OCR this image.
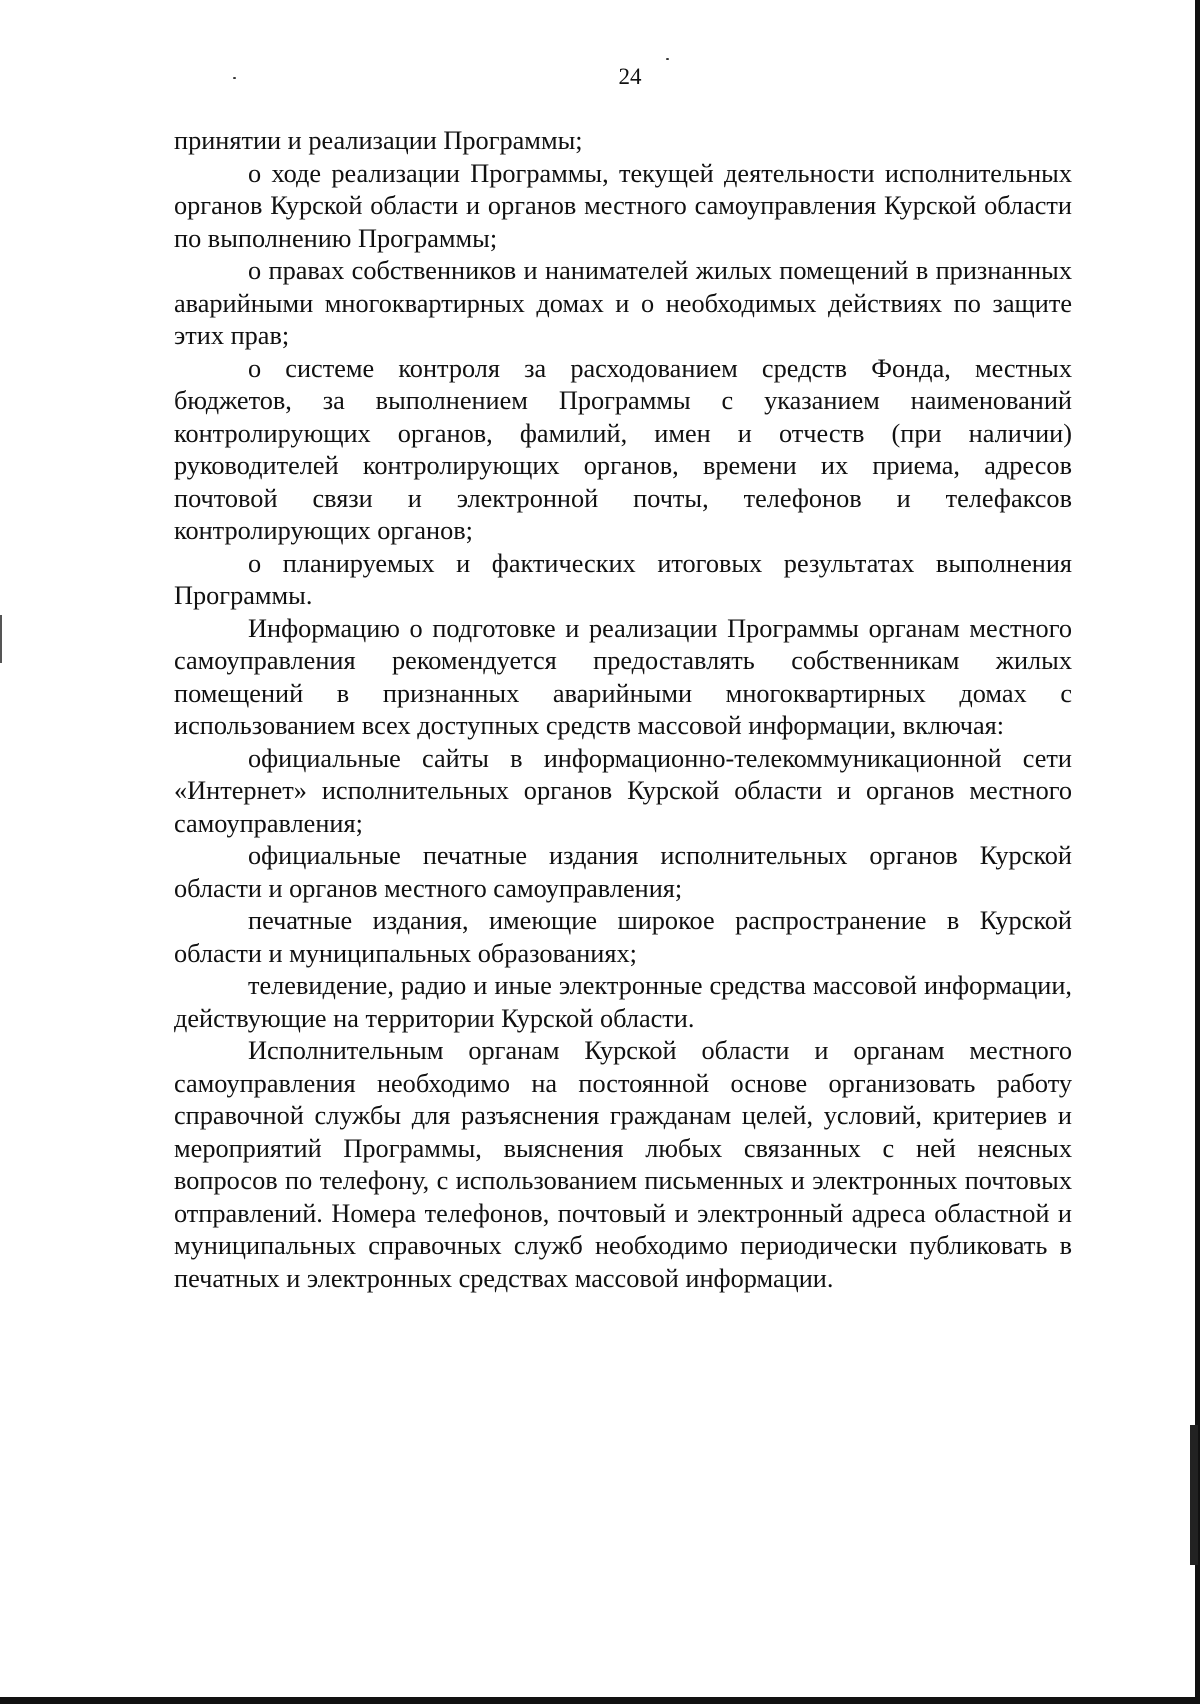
24

принятии и реализации Программы;

о ходе реализации Программы, текущей деятельности исполнительных органов Курской области и органов местного самоуправления Курской области по выполнению Программы;

о правах собственников и нанимателей жилых помещений в признанных аварийными многоквартирных домах и о необходимых действиях по защите этих прав;

о системе контроля за расходованием средств Фонда, местных бюджетов, за выполнением Программы с указанием наименований контролирующих органов, фамилий, имен и отчеств (при наличии) руководителей контролирующих органов, времени их приема, адресов почтовой связи и электронной почты, телефонов и телефаксов контролирующих органов;

о планируемых и фактических итоговых результатах выполнения Программы.

Информацию о подготовке и реализации Программы органам местного самоуправления рекомендуется предоставлять собственникам жилых помещений в признанных аварийными многоквартирных домах с использованием всех доступных средств массовой информации, включая:

официальные сайты в информационно-телекоммуникационной сети «Интернет» исполнительных органов Курской области и органов местного самоуправления;

официальные печатные издания исполнительных органов Курской области и органов местного самоуправления;

печатные издания, имеющие широкое распространение в Курской области и муниципальных образованиях;

телевидение, радио и иные электронные средства массовой информации, действующие на территории Курской области.

Исполнительным органам Курской области и органам местного самоуправления необходимо на постоянной основе организовать работу справочной службы для разъяснения гражданам целей, условий, критериев и мероприятий Программы, выяснения любых связанных с ней неясных вопросов по телефону, с использованием письменных и электронных почтовых отправлений. Номера телефонов, почтовый и электронный адреса областной и муниципальных справочных служб необходимо периодически публиковать в печатных и электронных средствах массовой информации.
